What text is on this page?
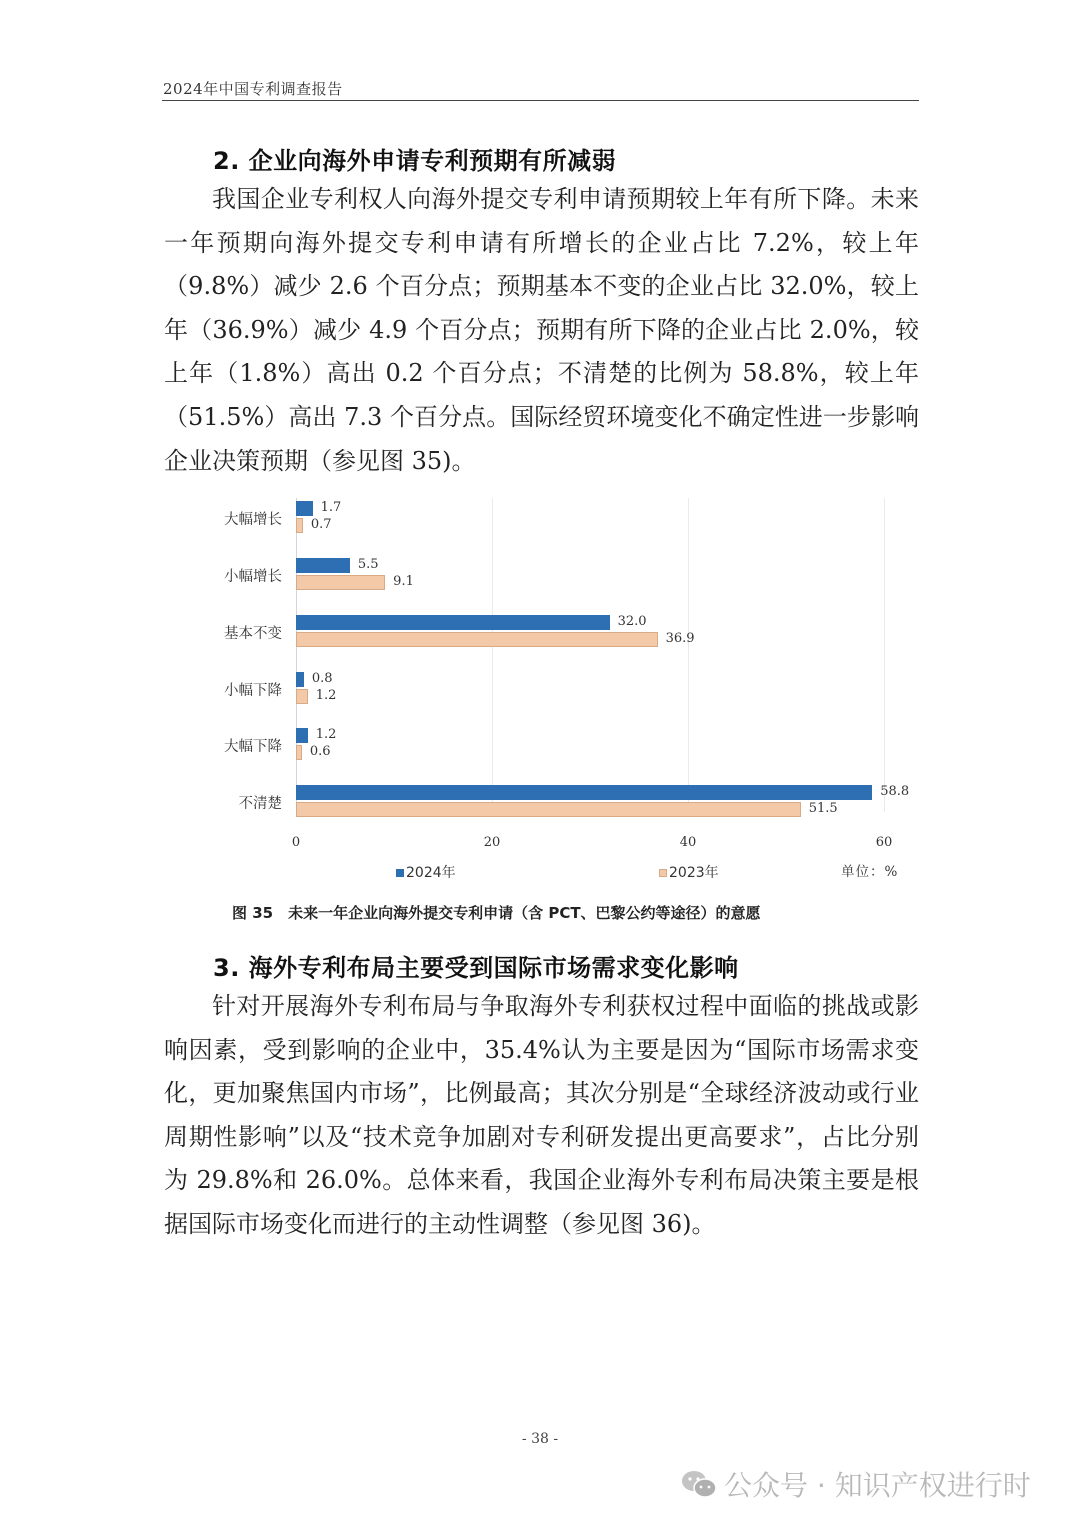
2024年中国专利调查报告
2. 企业向海外申请专利预期有所减弱
我国企业专利权人向海外提交专利申请预期较上年有所下降。未来一年预期向海外提交专利申请有所增长的企业占比 7.2%，较上年（9.8%）减少 2.6 个百分点；预期基本不变的企业占比 32.0%，较上年（36.9%）减少 4.9 个百分点；预期有所下降的企业占比 2.0%，较上年（1.8%）高出 0.2 个百分点；不清楚的比例为 58.8%，较上年（51.5%）高出 7.3 个百分点。国际经贸环境变化不确定性进一步影响企业决策预期（参见图 35)。
大幅增长
1.7
0.7
小幅增长
5.5
9.1
基本不变
32.0
36.9
小幅下降
0.8
1.2
大幅下降
1.2
0.6
不清楚
58.8
51.5
0	20	40	60
2024年	2023年	单位：%
图 35　未来一年企业向海外提交专利申请（含 PCT、巴黎公约等途径）的意愿
3. 海外专利布局主要受到国际市场需求变化影响
针对开展海外专利布局与争取海外专利获权过程中面临的挑战或影响因素，受到影响的企业中，35.4%认为主要是因为“国际市场需求变化，更加聚焦国内市场”，比例最高；其次分别是“全球经济波动或行业周期性影响”以及“技术竞争加剧对专利研发提出更高要求”，占比分别为 29.8%和 26.0%。总体来看，我国企业海外专利布局决策主要是根据国际市场变化而进行的主动性调整（参见图 36)。
- 38 -
公众号 · 知识产权进行时
